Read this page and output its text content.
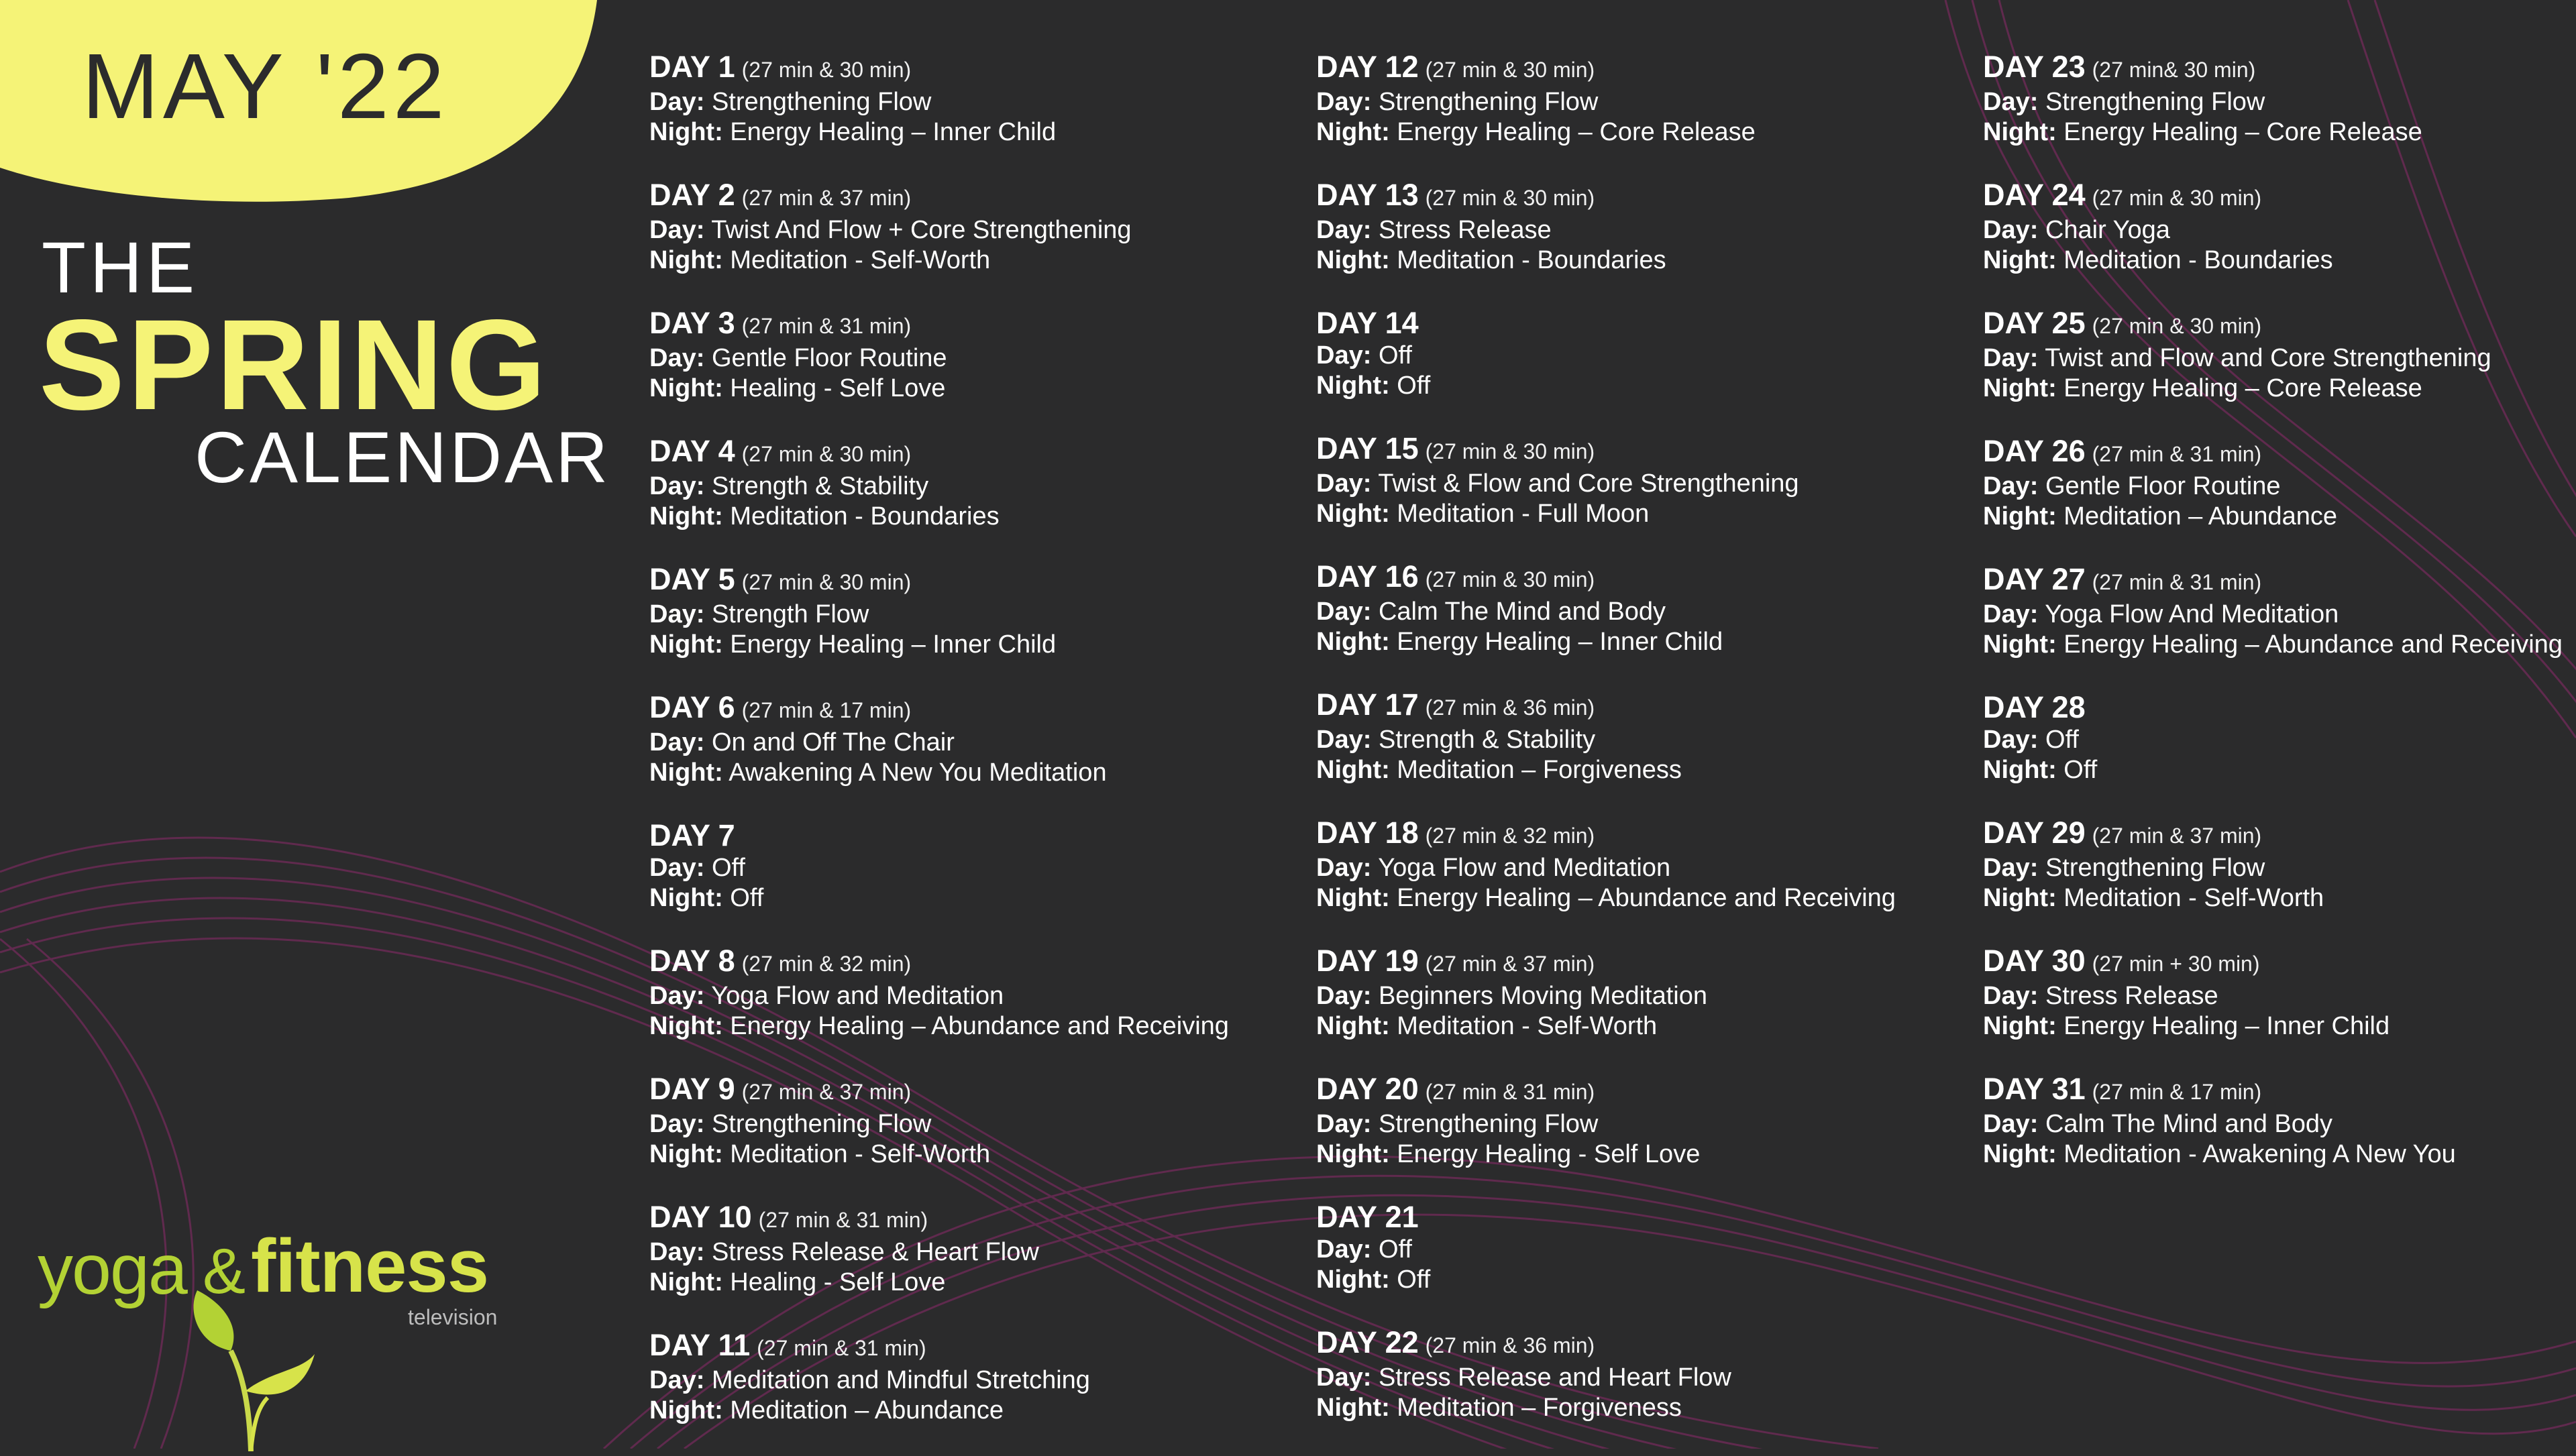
MAY '22
THE
SPRING
CALENDAR
yoga & fitness
television
DAY 1 (27 min & 30 min)
Day: Strengthening Flow
Night: Energy Healing – Inner Child
DAY 2 (27 min & 37 min)
Day: Twist And Flow + Core Strengthening
Night: Meditation - Self-Worth
DAY 3 (27 min & 31 min)
Day: Gentle Floor Routine
Night: Healing - Self Love
DAY 4 (27 min & 30 min)
Day: Strength & Stability
Night: Meditation - Boundaries
DAY 5 (27 min & 30 min)
Day: Strength Flow
Night: Energy Healing – Inner Child
DAY 6 (27 min & 17 min)
Day: On and Off The Chair
Night: Awakening A New You Meditation
DAY 7
Day: Off
Night: Off
DAY 8 (27 min & 32 min)
Day: Yoga Flow and Meditation
Night: Energy Healing – Abundance and Receiving
DAY 9 (27 min & 37 min)
Day: Strengthening Flow
Night: Meditation - Self-Worth
DAY 10 (27 min & 31 min)
Day: Stress Release & Heart Flow
Night: Healing - Self Love
DAY 11 (27 min & 31 min)
Day: Meditation and Mindful Stretching
Night: Meditation – Abundance
DAY 12 (27 min & 30 min)
Day: Strengthening Flow
Night: Energy Healing – Core Release
DAY 13 (27 min & 30 min)
Day: Stress Release
Night: Meditation - Boundaries
DAY 14
Day: Off
Night: Off
DAY 15 (27 min & 30 min)
Day: Twist & Flow and Core Strengthening
Night: Meditation - Full Moon
DAY 16 (27 min & 30 min)
Day: Calm The Mind and Body
Night: Energy Healing – Inner Child
DAY 17 (27 min & 36 min)
Day: Strength & Stability
Night: Meditation – Forgiveness
DAY 18 (27 min & 32 min)
Day: Yoga Flow and Meditation
Night: Energy Healing – Abundance and Receiving
DAY 19 (27 min & 37 min)
Day: Beginners Moving Meditation
Night: Meditation - Self-Worth
DAY 20 (27 min & 31 min)
Day: Strengthening Flow
Night: Energy Healing - Self Love
DAY 21
Day: Off
Night: Off
DAY 22 (27 min & 36 min)
Day: Stress Release and Heart Flow
Night: Meditation – Forgiveness
DAY 23 (27 min& 30 min)
Day: Strengthening Flow
Night: Energy Healing – Core Release
DAY 24 (27 min & 30 min)
Day: Chair Yoga
Night: Meditation - Boundaries
DAY 25 (27 min & 30 min)
Day: Twist and Flow and Core Strengthening
Night: Energy Healing – Core Release
DAY 26 (27 min & 31 min)
Day: Gentle Floor Routine
Night: Meditation – Abundance
DAY 27 (27 min & 31 min)
Day: Yoga Flow And Meditation
Night: Energy Healing – Abundance and Receiving
DAY 28
Day: Off
Night: Off
DAY 29 (27 min & 37 min)
Day: Strengthening Flow
Night: Meditation - Self-Worth
DAY 30 (27 min + 30 min)
Day: Stress Release
Night: Energy Healing – Inner Child
DAY 31 (27 min & 17 min)
Day: Calm The Mind and Body
Night: Meditation - Awakening A New You
